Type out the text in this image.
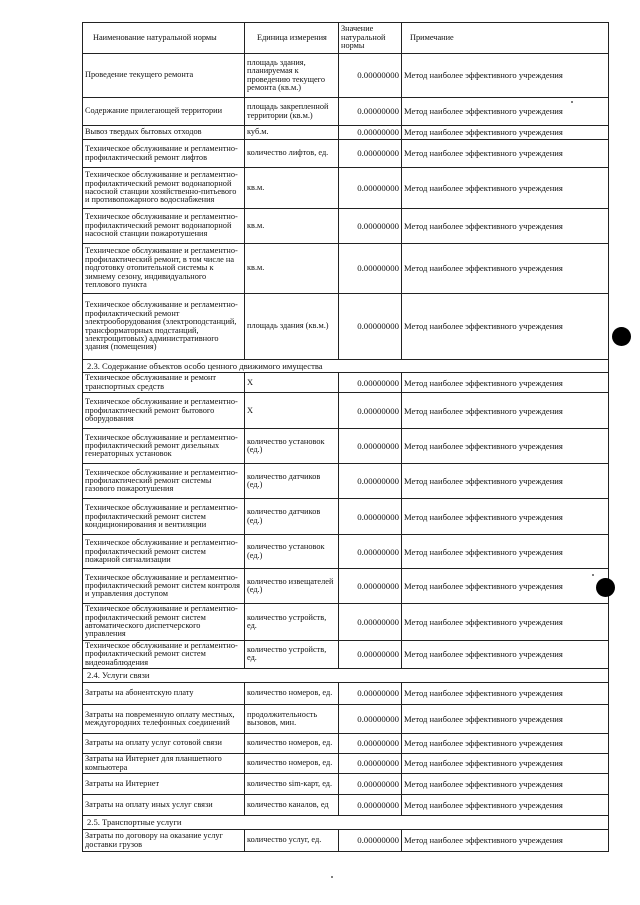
Наименование натуральной нормы	Единица измерения	Значение натуральной нормы	Примечание
Проведение текущего ремонта	площадь здания, планируемая к проведению текущего ремонта (кв.м.)	0.00000000	Метод наиболее эффективного учреждения
Содержание прилегающей территории	площадь закрепленной территории (кв.м.)	0.00000000	Метод наиболее эффективного учреждения
Вывоз твердых бытовых отходов	куб.м.	0.00000000	Метод наиболее эффективного учреждения
Техническое обслуживание и регламентно-профилактический ремонт лифтов	количество лифтов, ед.	0.00000000	Метод наиболее эффективного учреждения
Техническое обслуживание и регламентно-профилактический ремонт водонапорной насосной станции хозяйственно-питьевого и противопожарного водоснабжения	кв.м.	0.00000000	Метод наиболее эффективного учреждения
Техническое обслуживание и регламентно-профилактический ремонт водонапорной насосной станции пожаротушения	кв.м.	0.00000000	Метод наиболее эффективного учреждения
Техническое обслуживание и регламентно-профилактический ремонт, в том числе на подготовку отопительной системы к зимнему сезону, индивидуального теплового пункта	кв.м.	0.00000000	Метод наиболее эффективного учреждения
Техническое обслуживание и регламентно-профилактический ремонт электрооборудования (электроподстанций, трансформаторных подстанций, электрощитовых) административного здания (помещения)	площадь здания (кв.м.)	0.00000000	Метод наиболее эффективного учреждения
2.3. Содержание объектов особо ценного движимого имущества			
Техническое обслуживание и ремонт транспортных средств	Х	0.00000000	Метод наиболее эффективного учреждения
Техническое обслуживание и регламентно-профилактический ремонт бытового оборудования	Х	0.00000000	Метод наиболее эффективного учреждения
Техническое обслуживание и регламентно-профилактический ремонт дизельных генераторных установок	количество установок (ед.)	0.00000000	Метод наиболее эффективного учреждения
Техническое обслуживание и регламентно-профилактический ремонт системы газового пожаротушения	количество датчиков (ед.)	0.00000000	Метод наиболее эффективного учреждения
Техническое обслуживание и регламентно-профилактический ремонт систем кондиционирования и вентиляции	количество датчиков (ед.)	0.00000000	Метод наиболее эффективного учреждения
Техническое обслуживание и регламентно-профилактический ремонт систем пожарной сигнализации	количество установок (ед.)	0.00000000	Метод наиболее эффективного учреждения
Техническое обслуживание и регламентно-профилактический ремонт систем контроля и управления доступом	количество извещателей (ед.)	0.00000000	Метод наиболее эффективного учреждения
Техническое обслуживание и регламентно-профилактический ремонт систем автоматического диспетчерского управления	количество устройств, ед.	0.00000000	Метод наиболее эффективного учреждения
Техническое обслуживание и регламентно-профилактический ремонт систем видеонаблюдения	количество устройств, ед.	0.00000000	Метод наиболее эффективного учреждения
2.4. Услуги связи			
Затраты на абонентскую плату	количество номеров, ед.	0.00000000	Метод наиболее эффективного учреждения
Затраты на повременную оплату местных, междугородних телефонных соединений	продолжительность вызовов, мин.	0.00000000	Метод наиболее эффективного учреждения
Затраты на оплату услуг сотовой связи	количество номеров, ед.	0.00000000	Метод наиболее эффективного учреждения
Затраты на Интернет для планшетного компьютера	количество номеров, ед.	0.00000000	Метод наиболее эффективного учреждения
Затраты на Интернет	количество sim-карт, ед.	0.00000000	Метод наиболее эффективного учреждения
Затраты на оплату иных услуг связи	количество каналов, ед	0.00000000	Метод наиболее эффективного учреждения
2.5. Транспортные услуги			
Затраты по договору на оказание услуг доставки грузов	количество услуг, ед.	0.00000000	Метод наиболее эффективного учреждения
